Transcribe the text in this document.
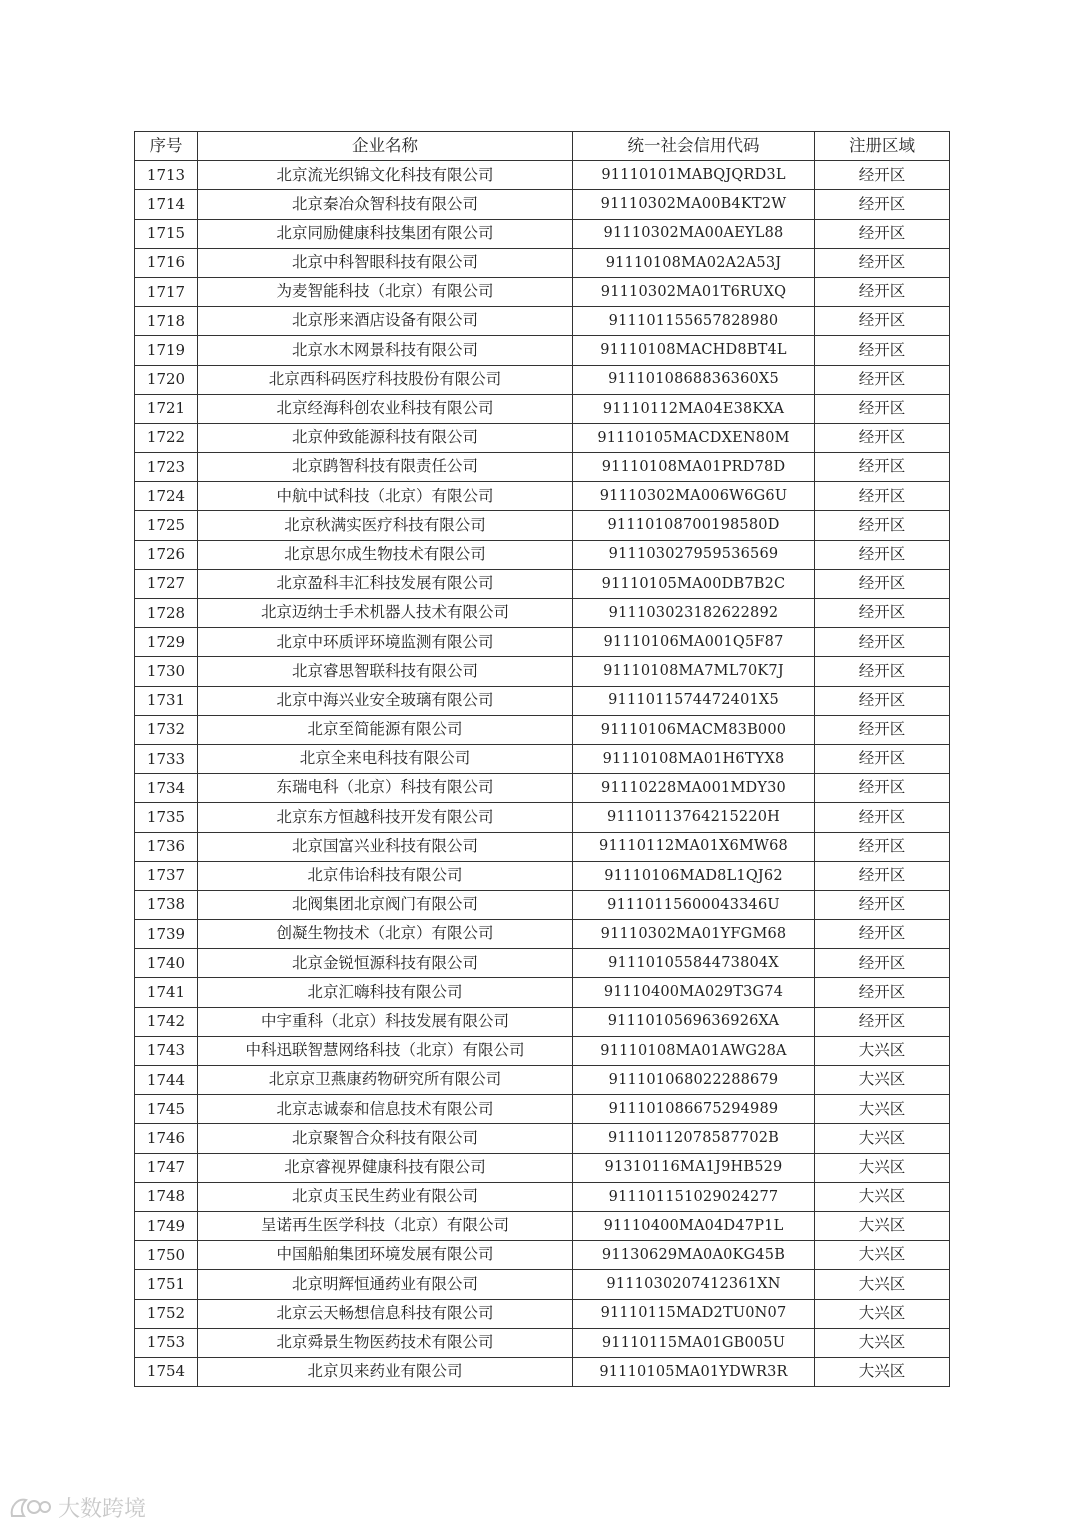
序号	企业名称	统一社会信用代码	注册区域
1713	北京流光织锦文化科技有限公司	91110101MABQJQRD3L	经开区
1714	北京秦冶众智科技有限公司	91110302MA00B4KT2W	经开区
1715	北京同励健康科技集团有限公司	91110302MA00AEYL88	经开区
1716	北京中科智眼科技有限公司	91110108MA02A2A53J	经开区
1717	为麦智能科技（北京）有限公司	91110302MA01T6RUXQ	经开区
1718	北京彤来酒店设备有限公司	911101155657828980	经开区
1719	北京水木网景科技有限公司	91110108MACHD8BT4L	经开区
1720	北京西科码医疗科技股份有限公司	9111010868836360X5	经开区
1721	北京经海科创农业科技有限公司	91110112MA04E38KXA	经开区
1722	北京仲致能源科技有限公司	91110105MACDXEN80M	经开区
1723	北京鹍智科技有限责任公司	91110108MA01PRD78D	经开区
1724	中航中试科技（北京）有限公司	91110302MA006W6G6U	经开区
1725	北京秋满实医疗科技有限公司	91110108700198580D	经开区
1726	北京思尔成生物技术有限公司	911103027959536569	经开区
1727	北京盈科丰汇科技发展有限公司	91110105MA00DB7B2C	经开区
1728	北京迈纳士手术机器人技术有限公司	911103023182622892	经开区
1729	北京中环质评环境监测有限公司	91110106MA001Q5F87	经开区
1730	北京睿思智联科技有限公司	91110108MA7ML70K7J	经开区
1731	北京中海兴业安全玻璃有限公司	9111011574472401X5	经开区
1732	北京至简能源有限公司	91110106MACM83B000	经开区
1733	北京全来电科技有限公司	91110108MA01H6TYX8	经开区
1734	东瑞电科（北京）科技有限公司	91110228MA001MDY30	经开区
1735	北京东方恒越科技开发有限公司	91110113764215220H	经开区
1736	北京国富兴业科技有限公司	91110112MA01X6MW68	经开区
1737	北京伟诒科技有限公司	91110106MAD8L1QJ62	经开区
1738	北阀集团北京阀门有限公司	91110115600043346U	经开区
1739	创凝生物技术（北京）有限公司	91110302MA01YFGM68	经开区
1740	北京金锐恒源科技有限公司	91110105584473804X	经开区
1741	北京汇嗨科技有限公司	91110400MA029T3G74	经开区
1742	中宇重科（北京）科技发展有限公司	9111010569636926XA	经开区
1743	中科迅联智慧网络科技（北京）有限公司	91110108MA01AWG28A	大兴区
1744	北京京卫燕康药物研究所有限公司	911101068022288679	大兴区
1745	北京志诚泰和信息技术有限公司	911101086675294989	大兴区
1746	北京聚智合众科技有限公司	91110112078587702B	大兴区
1747	北京睿视界健康科技有限公司	91310116MA1J9HB529	大兴区
1748	北京贞玉民生药业有限公司	911101151029024277	大兴区
1749	呈诺再生医学科技（北京）有限公司	91110400MA04D47P1L	大兴区
1750	中国船舶集团环境发展有限公司	91130629MA0A0KG45B	大兴区
1751	北京明辉恒通药业有限公司	9111030207412361XN	大兴区
1752	北京云天畅想信息科技有限公司	91110115MAD2TU0N07	大兴区
1753	北京舜景生物医药技术有限公司	91110115MA01GB005U	大兴区
1754	北京贝来药业有限公司	91110105MA01YDWR3R	大兴区
大数跨境
